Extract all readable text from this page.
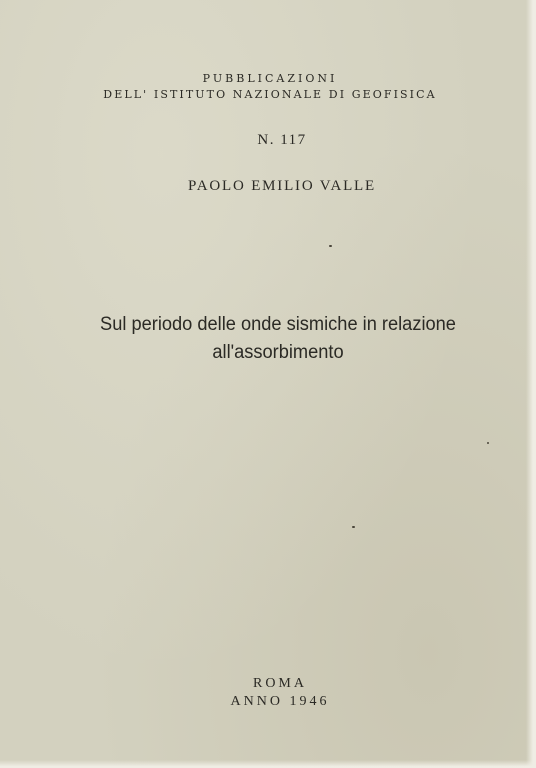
PUBBLICAZIONI
DELL' ISTITUTO NAZIONALE DI GEOFISICA
N. 117
PAOLO EMILIO VALLE
Sul periodo delle onde sismiche in relazione
all'assorbimento
ROMA
ANNO 1946
